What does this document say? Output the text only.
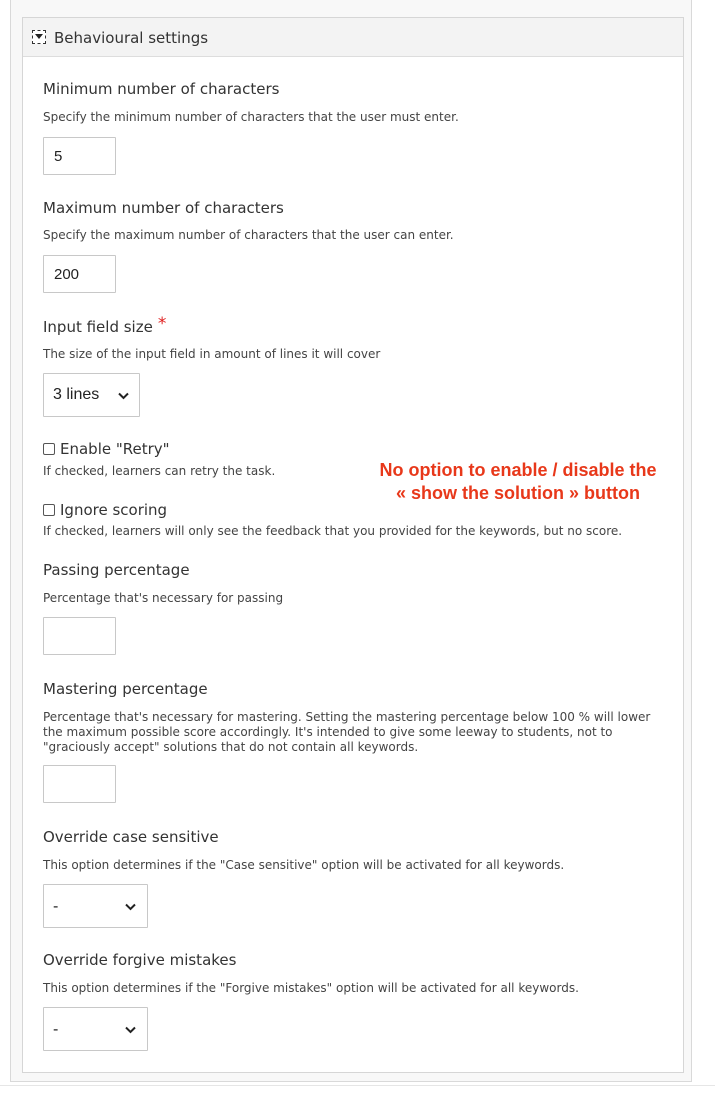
Behavioural settings
Minimum number of characters
Specify the minimum number of characters that the user must enter.
5
Maximum number of characters
Specify the maximum number of characters that the user can enter.
200
Input field size *
The size of the input field in amount of lines it will cover
3 lines
Enable "Retry"
If checked, learners can retry the task.
Ignore scoring
If checked, learners will only see the feedback that you provided for the keywords, but no score.
Passing percentage
Percentage that's necessary for passing
Mastering percentage
Percentage that's necessary for mastering. Setting the mastering percentage below 100 % will lower the maximum possible score accordingly. It's intended to give some leeway to students, not to "graciously accept" solutions that do not contain all keywords.
Override case sensitive
This option determines if the "Case sensitive" option will be activated for all keywords.
-
Override forgive mistakes
This option determines if the "Forgive mistakes" option will be activated for all keywords.
-
No option to enable / disable the
« show the solution » button
